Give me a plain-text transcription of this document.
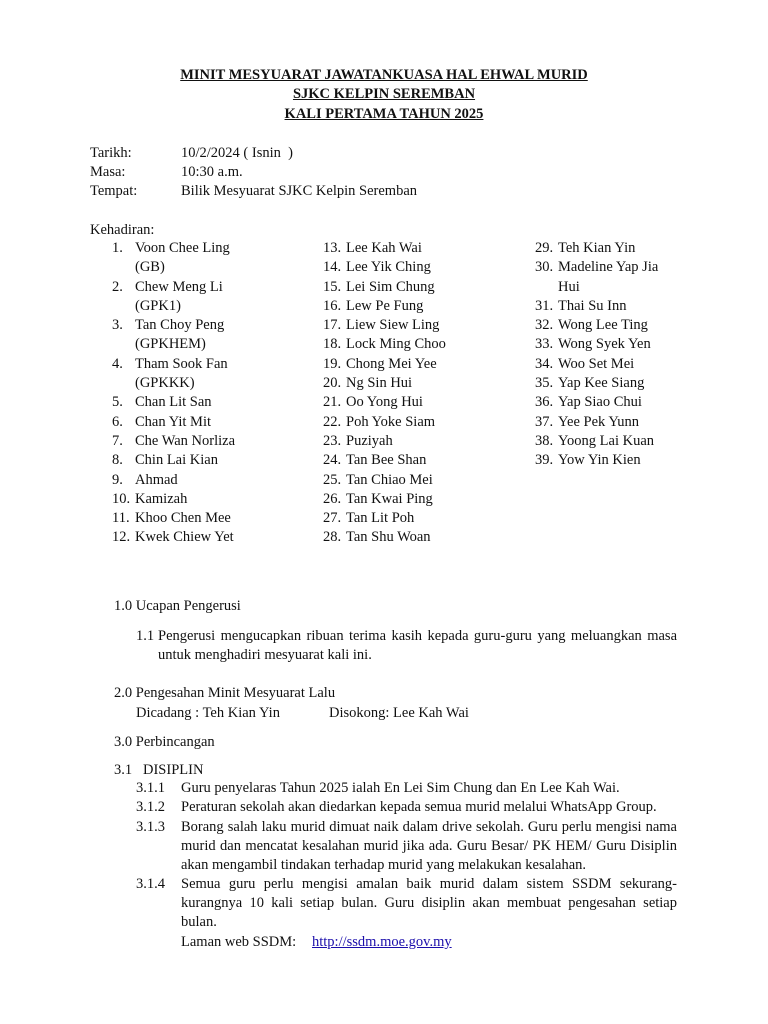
MINIT MESYUARAT JAWATANKUASA HAL EHWAL MURID
SJKC KELPIN SEREMBAN
KALI PERTAMA TAHUN 2025
Tarikh:	10/2/2024 ( Isnin  )
Masa:	10:30 a.m.
Tempat:	Bilik Mesyuarat SJKC Kelpin Seremban
Kehadiran:
1. Voon Chee Ling
(GB)
2. Chew Meng Li
(GPK1)
3. Tan Choy Peng
(GPKHEM)
4. Tham Sook Fan
(GPKKK)
5. Chan Lit San
6. Chan Yit Mit
7. Che Wan Norliza
8. Chin Lai Kian
9. Ahmad
10. Kamizah
11. Khoo Chen Mee
12. Kwek Chiew Yet
13. Lee Kah Wai
14. Lee Yik Ching
15. Lei Sim Chung
16. Lew Pe Fung
17. Liew Siew Ling
18. Lock Ming Choo
19. Chong Mei Yee
20. Ng Sin Hui
21. Oo Yong Hui
22. Poh Yoke Siam
23. Puziyah
24. Tan Bee Shan
25. Tan Chiao Mei
26. Tan Kwai Ping
27. Tan Lit Poh
28. Tan Shu Woan
29. Teh Kian Yin
30. Madeline Yap Jia
Hui
31. Thai Su Inn
32. Wong Lee Ting
33. Wong Syek Yen
34. Woo Set Mei
35. Yap Kee Siang
36. Yap Siao Chui
37. Yee Pek Yunn
38. Yoong Lai Kuan
39. Yow Yin Kien
1.0 Ucapan Pengerusi
1.1 Pengerusi mengucapkan ribuan terima kasih kepada guru-guru yang meluangkan masa untuk menghadiri mesyuarat kali ini.
2.0 Pengesahan Minit Mesyuarat Lalu
Dicadang : Teh Kian Yin	Disokong: Lee Kah Wai
3.0 Perbincangan
3.1   DISIPLIN
3.1.1 Guru penyelaras Tahun 2025 ialah En Lei Sim Chung dan En Lee Kah Wai.
3.1.2 Peraturan sekolah akan diedarkan kepada semua murid melalui WhatsApp Group.
3.1.3 Borang salah laku murid dimuat naik dalam drive sekolah. Guru perlu mengisi nama murid dan mencatat kesalahan murid jika ada. Guru Besar/ PK HEM/ Guru Disiplin akan mengambil tindakan terhadap murid yang melakukan kesalahan.
3.1.4 Semua guru perlu mengisi amalan baik murid dalam sistem SSDM sekurang-kurangnya 10 kali setiap bulan. Guru disiplin akan membuat pengesahan setiap bulan.
Laman web SSDM: http://ssdm.moe.gov.my
